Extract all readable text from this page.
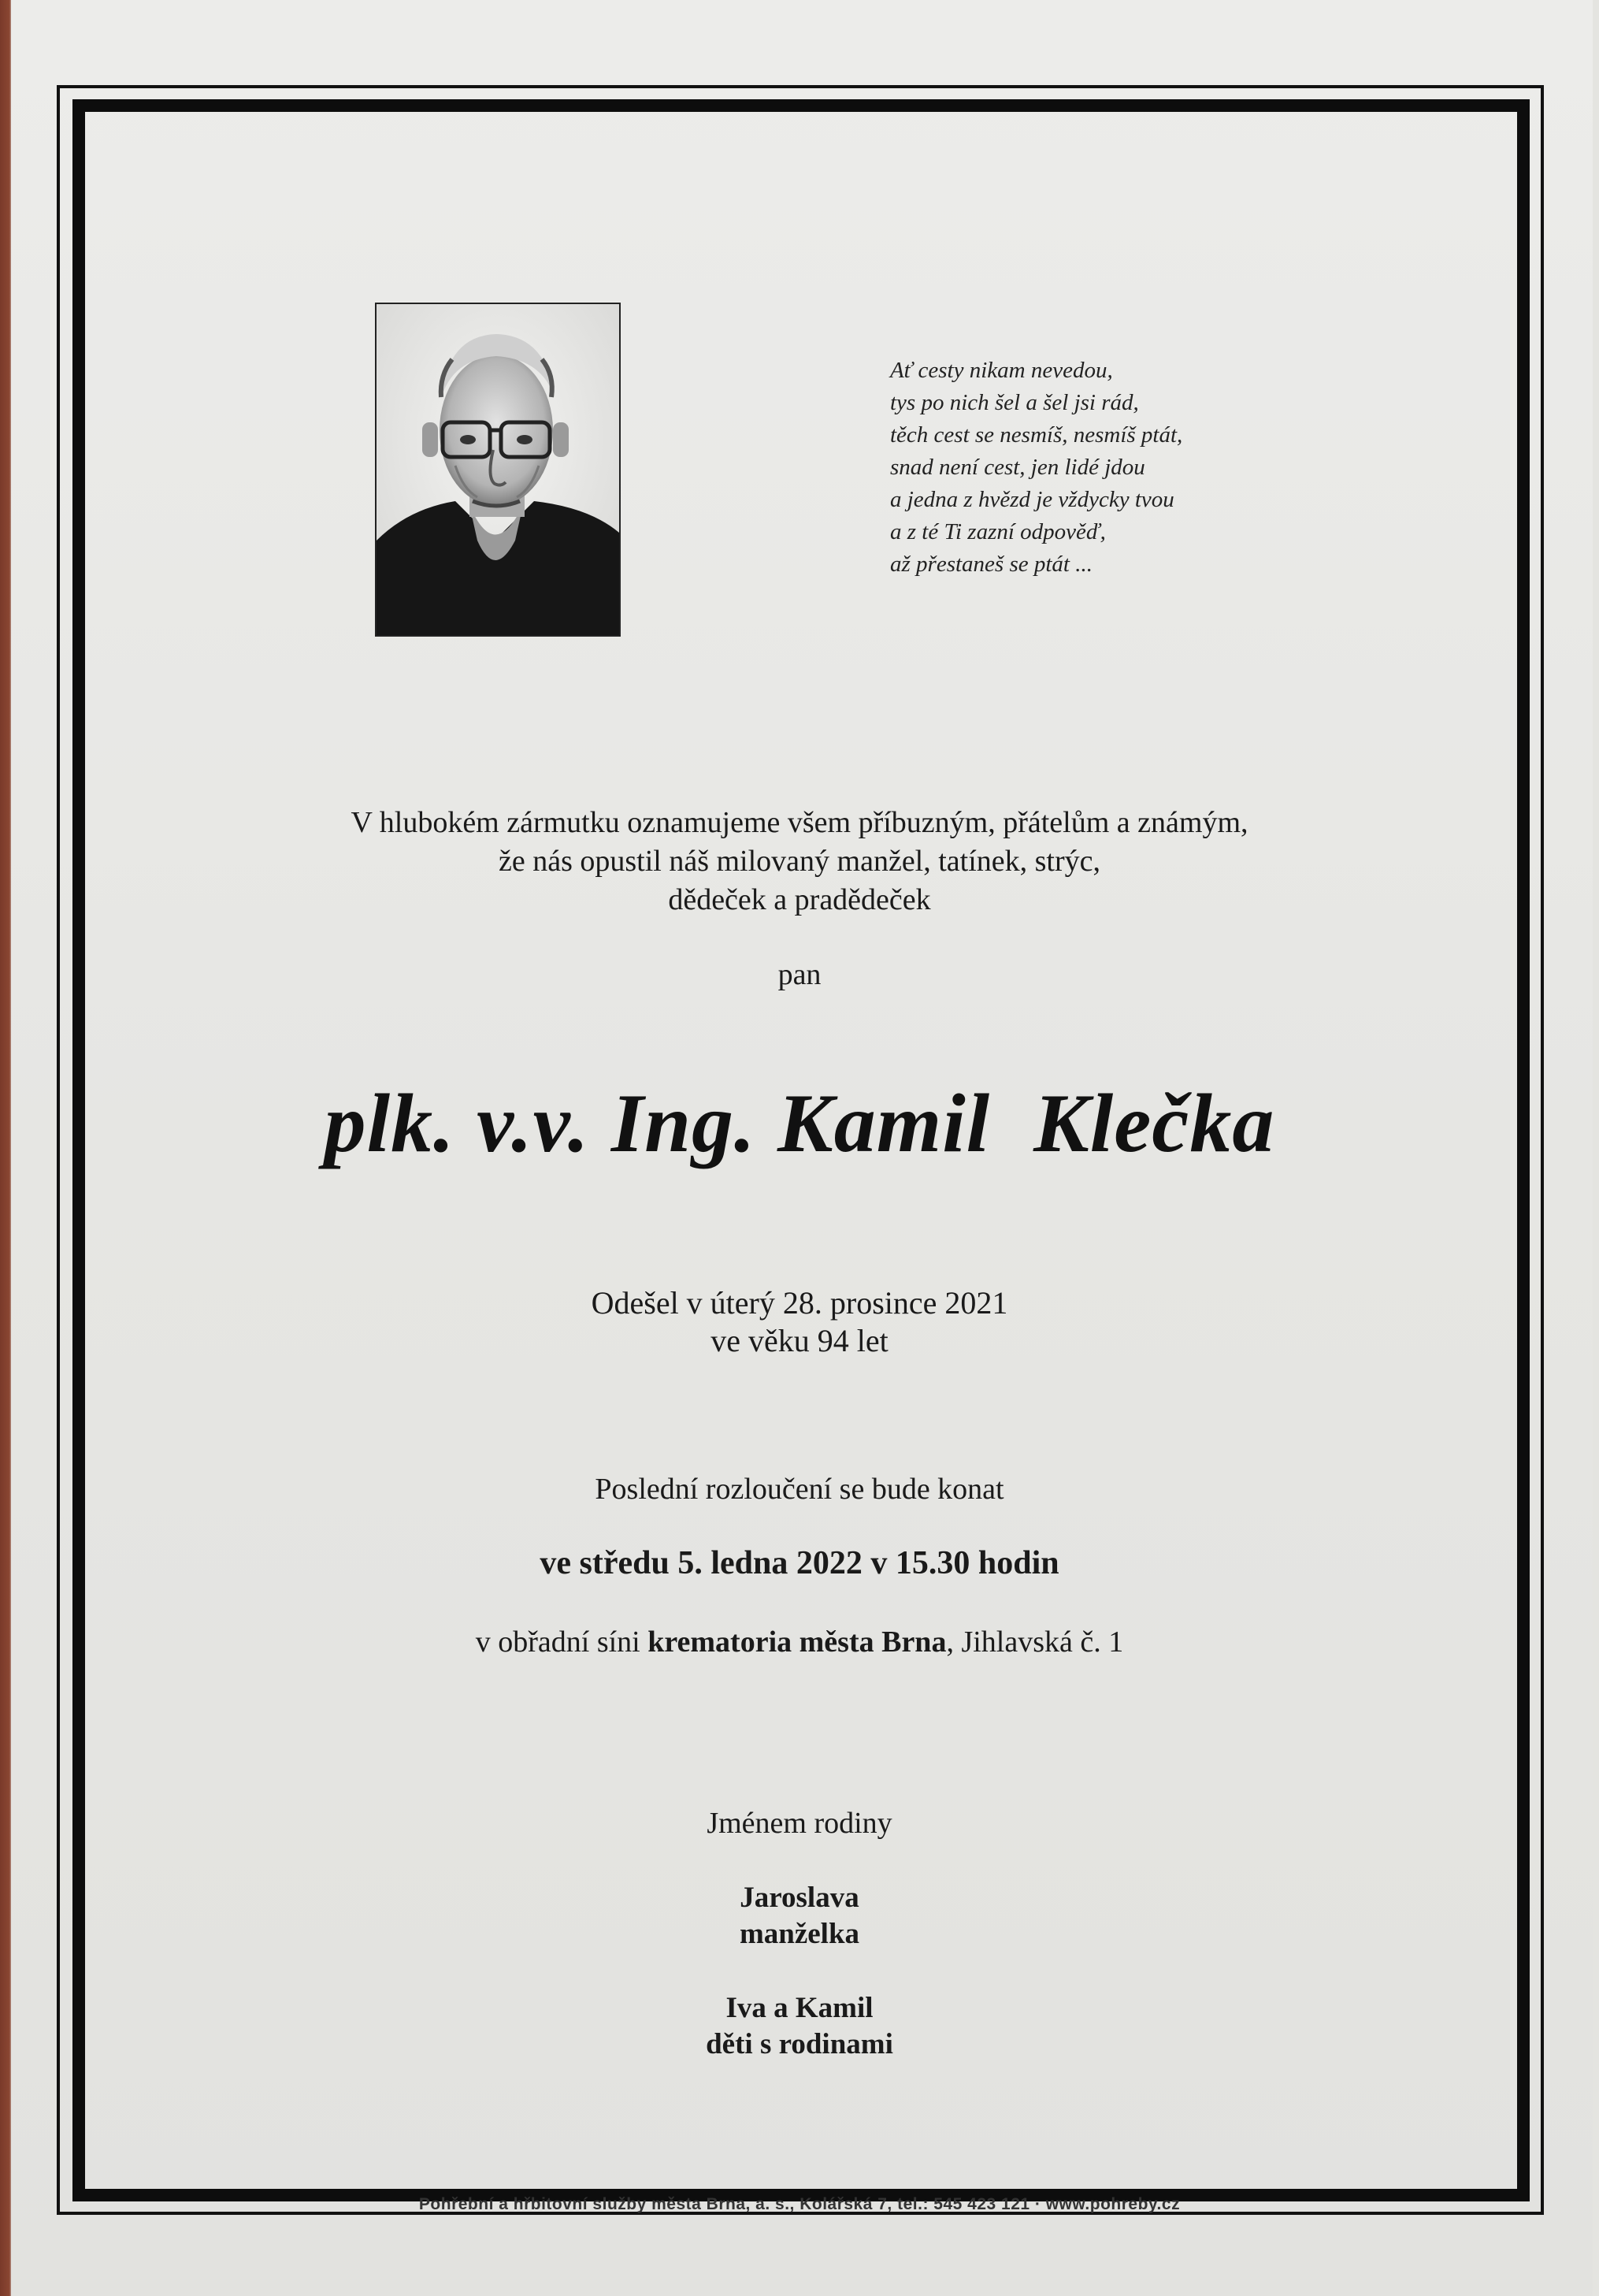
Ať cesty nikam nevedou,
tys po nich šel a šel jsi rád,
těch cest se nesmíš, nesmíš ptát,
snad není cest, jen lidé jdou
a jedna z hvězd je vždycky tvou
a z té Ti zazní odpověď,
až přestaneš se ptát ...
V hlubokém zármutku oznamujeme všem příbuzným, přátelům a známým,
že nás opustil náš milovaný manžel, tatínek, strýc,
dědeček a pradědeček
pan
plk. v.v. Ing. Kamil  Klečka
Odešel v úterý 28. prosince 2021
ve věku 94 let
Poslední rozloučení se bude konat
ve středu 5. ledna 2022 v 15.30 hodin
v obřadní síni krematoria města Brna, Jihlavská č. 1
Jménem rodiny
Jaroslava
manželka
Iva a Kamil
děti s rodinami
Pohřební a hřbitovní služby města Brna, a. s., Kolářská 7, tel.: 545 423 121 · www.pohreby.cz
